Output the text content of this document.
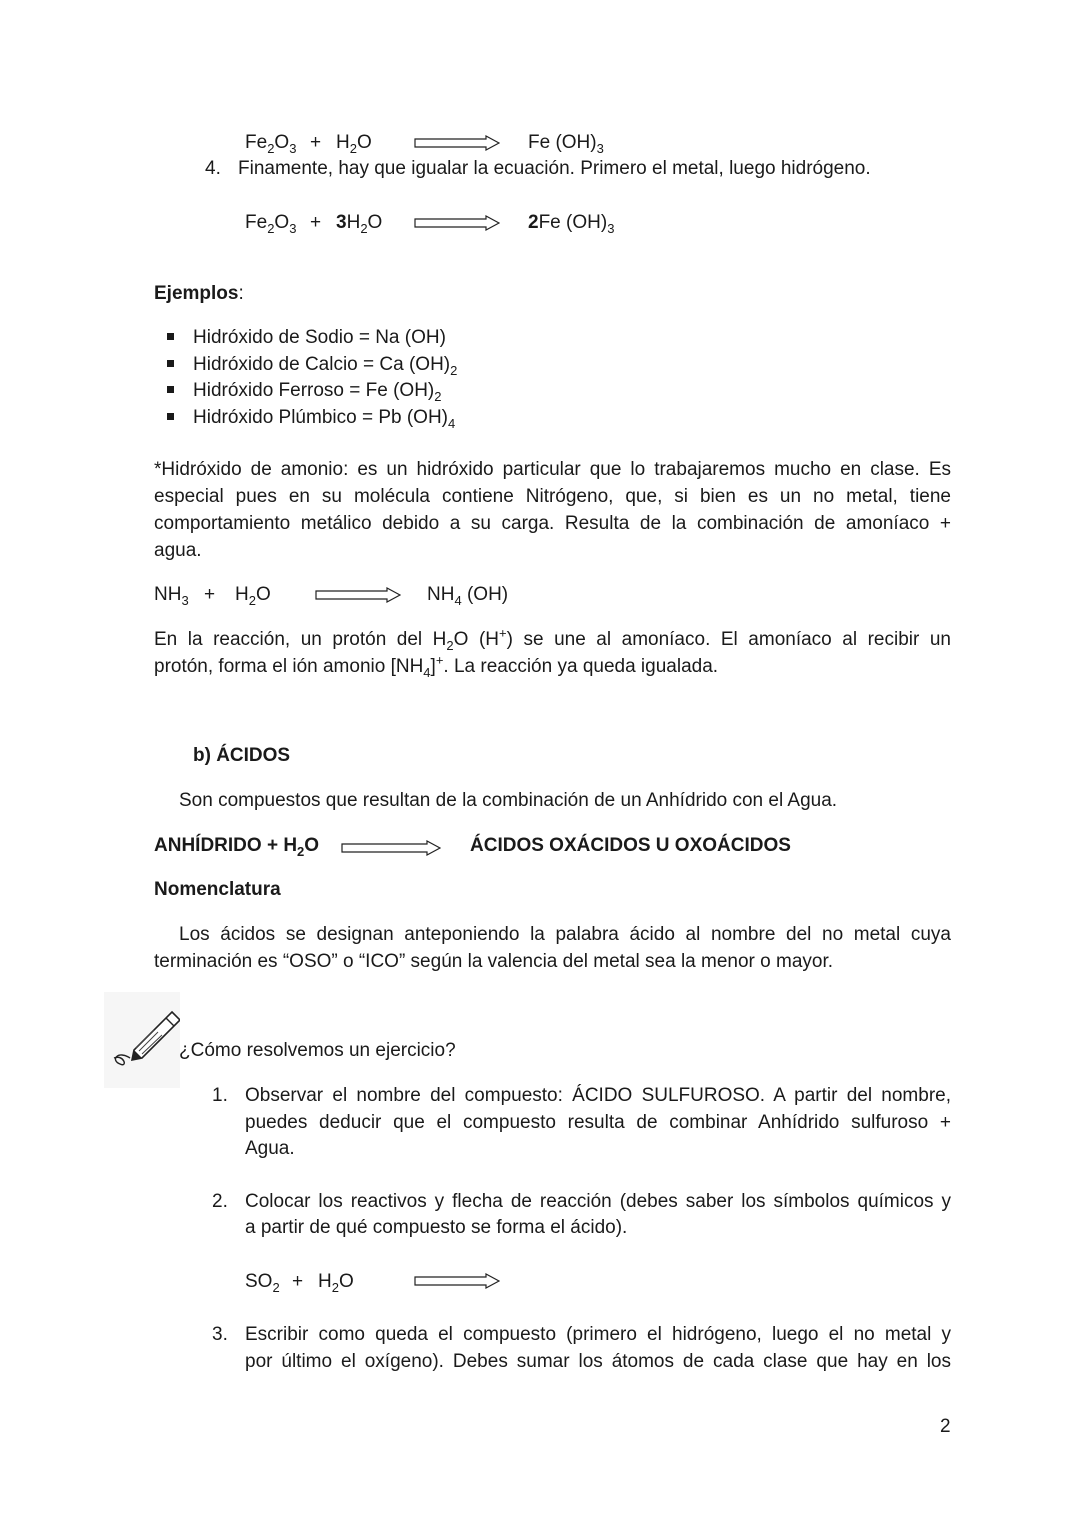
$Fe_2O_3 + H_2O$	Fe $(OH)_3$
4. Finamente, hay que igualar la ecuación. Primero el metal, luego hidrógeno.
$Fe_2O_3 + 3H_2O$	2Fe $(OH)_3$
Ejemplos:
Hidróxido de Sodio = Na (OH)
Hidróxido de Calcio = Ca $(OH)_2$
Hidróxido Ferroso = Fe $(OH)_2$
Hidróxido Plúmbico = Pb $(OH)_4$
*Hidróxido de amonio: es un hidróxido particular que lo trabajaremos mucho en clase. Es
especial pues en su molécula contiene Nitrógeno, que, si bien es un no metal, tiene
comportamiento metálico debido a su carga. Resulta de la combinación de amoníaco +
agua.
$NH_3 + H_2O$	$NH_4$ (OH)
En la reacción, un protón del $H_2O$ (H+) se une al amoníaco. El amoníaco al recibir un
protón, forma el ión amonio $[NH_4]^+$. La reacción ya queda igualada.
b) ÁCIDOS
Son compuestos que resultan de la combinación de un Anhídrido con el Agua.
ANHÍDRIDO + $H_2O$	ÁCIDOS OXÁCIDOS U OXOÁCIDOS
Nomenclatura
Los ácidos se designan anteponiendo la palabra ácido al nombre del no metal cuya
terminación es “OSO” o “ICO” según la valencia del metal sea la menor o mayor.
¿Cómo resolvemos un ejercicio?
1. Observar el nombre del compuesto: ÁCIDO SULFUROSO. A partir del nombre,
puedes deducir que el compuesto resulta de combinar Anhídrido sulfuroso +
Agua.
2. Colocar los reactivos y flecha de reacción (debes saber los símbolos químicos y
a partir de qué compuesto se forma el ácido).
$SO_2 + H_2O$
3. Escribir como queda el compuesto (primero el hidrógeno, luego el no metal y
por último el oxígeno). Debes sumar los átomos de cada clase que hay en los
2
